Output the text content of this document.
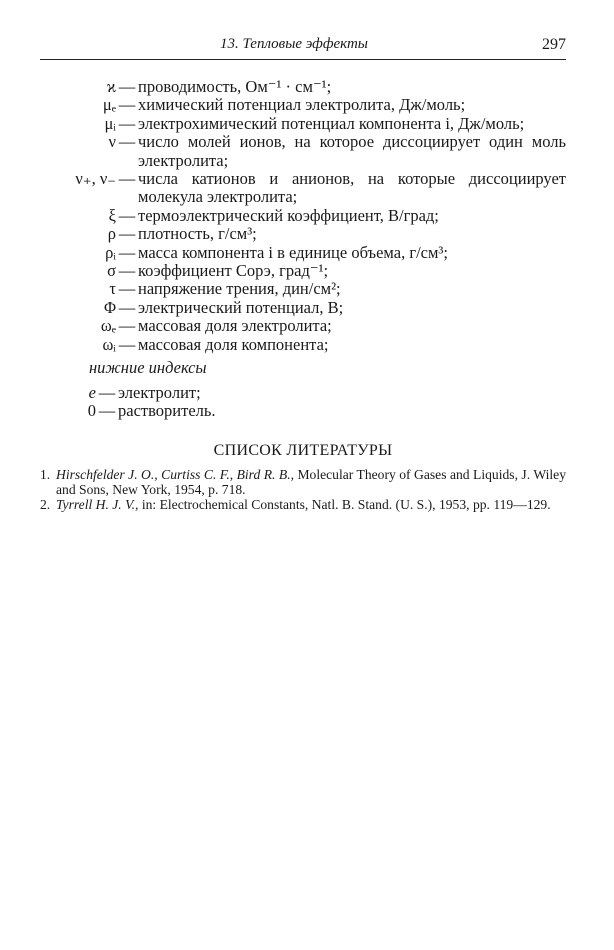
13. Тепловые эффекты	297
ϰ — проводимость, Ом⁻¹ · см⁻¹;
μₑ — химический потенциал электролита, Дж/моль;
μᵢ — электрохимический потенциал компонента i, Дж/моль;
ν — число молей ионов, на которое диссоциирует один моль электролита;
ν₊, ν₋ — числа катионов и анионов, на которые диссоциирует молекула электролита;
ξ — термоэлектрический коэффициент, В/град;
ρ — плотность, г/см³;
ρᵢ — масса компонента i в единице объема, г/см³;
σ — коэффициент Сорэ, град⁻¹;
τ — напряжение трения, дин/см²;
Φ — электрический потенциал, В;
ωₑ — массовая доля электролита;
ωᵢ — массовая доля компонента;
нижние индексы
e — электролит;
0 — растворитель.
СПИСОК ЛИТЕРАТУРЫ
1. Hirschfelder J. O., Curtiss C. F., Bird R. B., Molecular Theory of Gases and Liquids, J. Wiley and Sons, New York, 1954, p. 718.
2. Tyrrell H. J. V., in: Electrochemical Constants, Natl. B. Stand. (U. S.), 1953, pp. 119—129.
